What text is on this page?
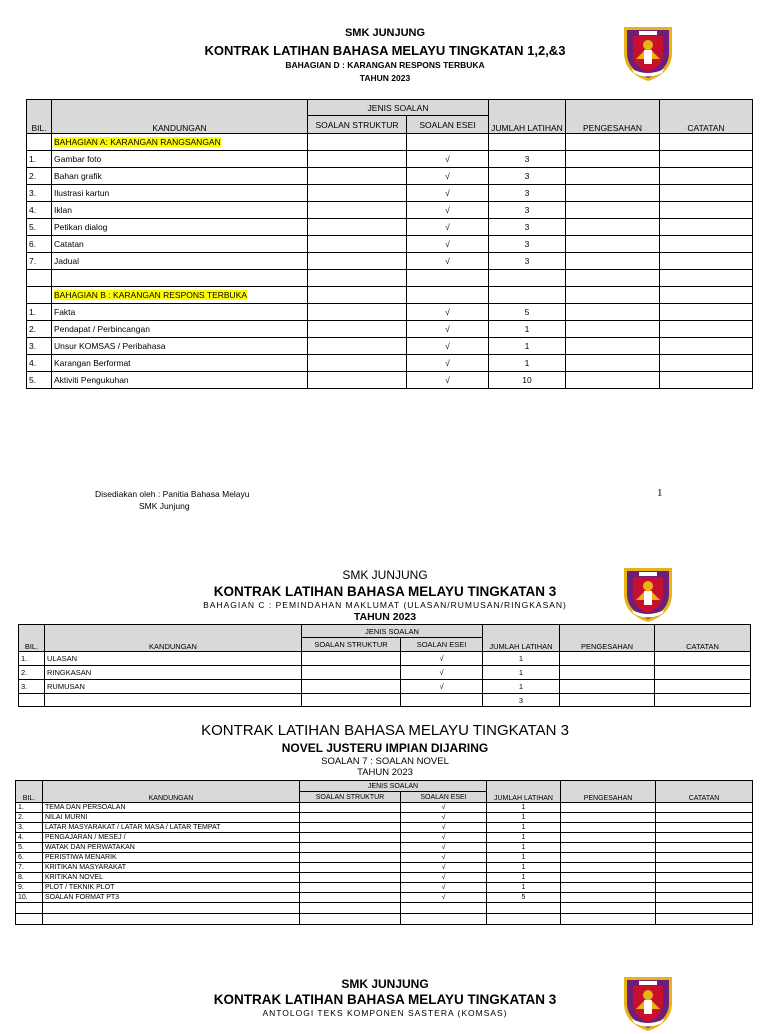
SMK JUNJUNG
KONTRAK LATIHAN BAHASA MELAYU TINGKATAN 1,2,&3
BAHAGIAN D : KARANGAN RESPONS TERBUKA
TAHUN 2023
BIL.	KANDUNGAN	JENIS SOALAN		JUMLAH LATIHAN	PENGESAHAN	CATATAN
		SOALAN STRUKTUR	SOALAN ESEI			
	BAHAGIAN A: KARANGAN RANGSANGAN					
1.	Gambar foto		√	3		
2.	Bahan grafik		√	3		
3.	Ilustrasi kartun		√	3		
4.	Iklan		√	3		
5.	Petikan dialog		√	3		
6.	Catatan		√	3		
7.	Jadual		√	3		

	BAHAGIAN B : KARANGAN RESPONS TERBUKA					
1.	Fakta		√	5		
2.	Pendapat / Perbincangan		√	1		
3.	Unsur KOMSAS / Peribahasa		√	1		
4.	Karangan Berformat		√	1		
5.	Aktiviti Pengukuhan		√	10		
Disediakan oleh : Panitia Bahasa Melayu
SMK Junjung
1
SMK JUNJUNG
KONTRAK LATIHAN BAHASA MELAYU TINGKATAN 3
BAHAGIAN C : PEMINDAHAN MAKLUMAT (ULASAN/RUMUSAN/RINGKASAN)
TAHUN 2023
BIL.	KANDUNGAN	JENIS SOALAN		JUMLAH LATIHAN	PENGESAHAN	CATATAN
		SOALAN STRUKTUR	SOALAN ESEI			
1.	ULASAN		√	1		
2.	RINGKASAN		√	1		
3.	RUMUSAN		√	1		
				3		
KONTRAK LATIHAN BAHASA MELAYU TINGKATAN 3
NOVEL JUSTERU IMPIAN DIJARING
SOALAN 7 : SOALAN NOVEL
TAHUN 2023
BIL.	KANDUNGAN	JENIS SOALAN		JUMLAH LATIHAN	PENGESAHAN	CATATAN
		SOALAN STRUKTUR	SOALAN ESEI			
1.	TEMA DAN PERSOALAN		√	1		
2.	NILAI MURNI		√	1		
3.	LATAR MASYARAKAT / LATAR MASA / LATAR TEMPAT		√	1		
4.	PENGAJARAN / MESEJ /		√	1		
5.	WATAK DAN PERWATAKAN		√	1		
6.	PERISTIWA MENARIK		√	1		
7.	KRITIKAN MASYARAKAT		√	1		
8.	KRITIKAN NOVEL		√	1		
9.	PLOT / TEKNIK PLOT		√	1		
10.	SOALAN FORMAT PT3		√	5		

SMK JUNJUNG
KONTRAK LATIHAN BAHASA MELAYU TINGKATAN 3
ANTOLOGI TEKS KOMPONEN SASTERA (KOMSAS)
